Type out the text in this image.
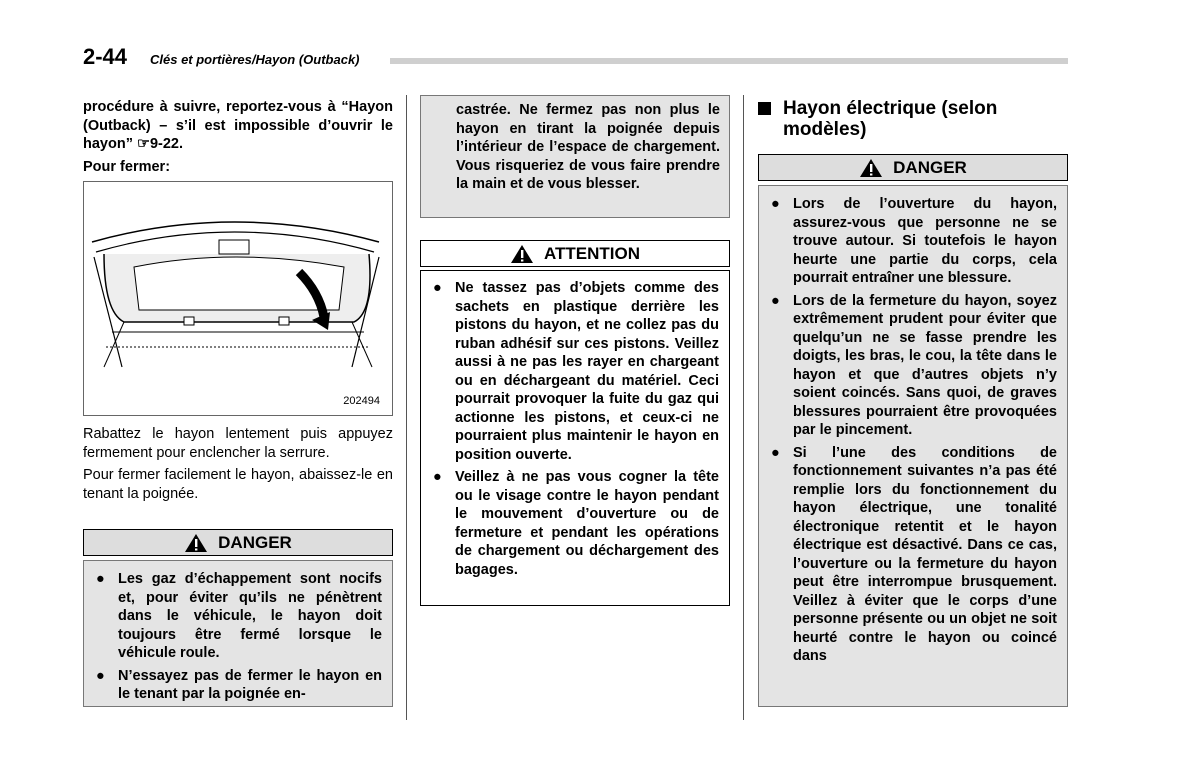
2-44 Clés et portières/Hayon (Outback)

procédure à suivre, reportez-vous à “Hayon (Outback) – s’il est impossible d’ouvrir le hayon” ☞9-22.

Pour fermer:

202494

Rabattez le hayon lentement puis appuyez fermement pour enclencher la serrure.

Pour fermer facilement le hayon, abaissez-le en tenant la poignée.

DANGER
● Les gaz d’échappement sont nocifs et, pour éviter qu’ils ne pénètrent dans le véhicule, le hayon doit toujours être fermé lorsque le véhicule roule.
● N’essayez pas de fermer le hayon en le tenant par la poignée en-

castrée. Ne fermez pas non plus le hayon en tirant la poignée depuis l’intérieur de l’espace de chargement. Vous risqueriez de vous faire prendre la main et de vous blesser.

ATTENTION
● Ne tassez pas d’objets comme des sachets en plastique derrière les pistons du hayon, et ne collez pas du ruban adhésif sur ces pistons. Veillez aussi à ne pas les rayer en chargeant ou en déchargeant du matériel. Ceci pourrait provoquer la fuite du gaz qui actionne les pistons, et ceux-ci ne pourraient plus maintenir le hayon en position ouverte.
● Veillez à ne pas vous cogner la tête ou le visage contre le hayon pendant le mouvement d’ouverture ou de fermeture et pendant les opérations de chargement ou déchargement des bagages.
Hayon électrique (selon modèles)
DANGER
● Lors de l’ouverture du hayon, assurez-vous que personne ne se trouve autour. Si toutefois le hayon heurte une partie du corps, cela pourrait entraîner une blessure.
● Lors de la fermeture du hayon, soyez extrêmement prudent pour éviter que quelqu’un ne se fasse prendre les doigts, les bras, le cou, la tête dans le hayon et que d’autres objets n’y soient coincés. Sans quoi, de graves blessures pourraient être provoquées par le pincement.
● Si l’une des conditions de fonctionnement suivantes n’a pas été remplie lors du fonctionnement du hayon électrique, une tonalité électronique retentit et le hayon électrique est désactivé. Dans ce cas, l’ouverture ou la fermeture du hayon peut être interrompue brusquement. Veillez à éviter que le corps d’une personne présente ou un objet ne soit heurté contre le hayon ou coincé dans
